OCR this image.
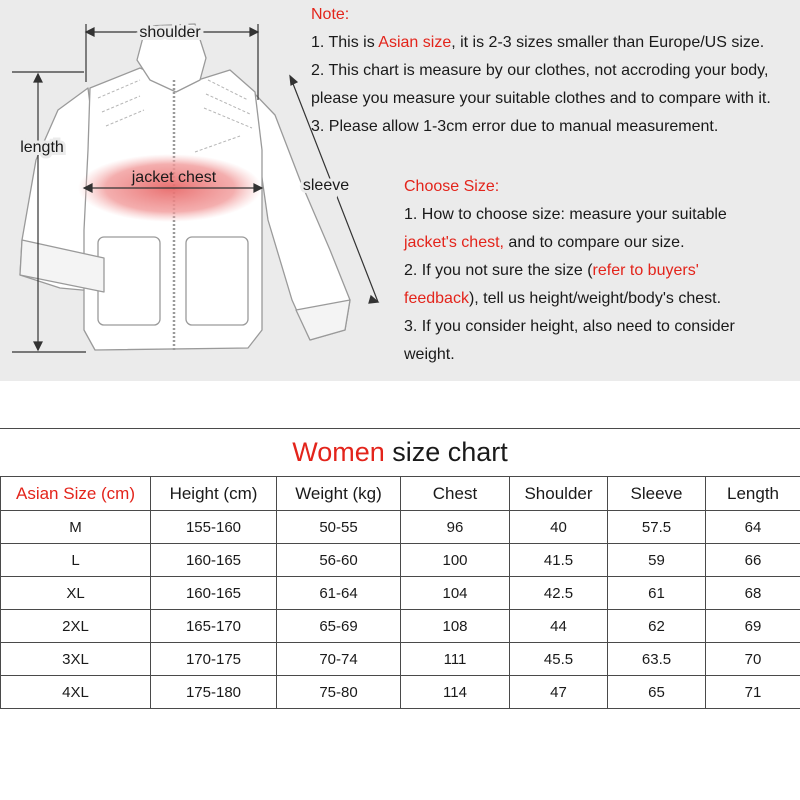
shoulder
length
sleeve
jacket chest
Note:
1. This is Asian size, it is 2-3 sizes smaller than Europe/US size.
2. This chart is measure by our clothes, not accroding your body,
please you measure your suitable clothes and to compare with it.
3. Please allow 1-3cm error due to manual measurement.
Choose Size:
1. How to choose size: measure your suitable
jacket's chest, and to compare our size.
2. If you not sure the size (refer to buyers'
feedback), tell us height/weight/body's chest.
3. If you consider height, also need to consider
weight.
Women size chart
Asian Size (cm)	Height (cm)	Weight (kg)	Chest	Shoulder	Sleeve	Length
M	155-160	50-55	96	40	57.5	64
L	160-165	56-60	100	41.5	59	66
XL	160-165	61-64	104	42.5	61	68
2XL	165-170	65-69	108	44	62	69
3XL	170-175	70-74	111	45.5	63.5	70
4XL	175-180	75-80	114	47	65	71
